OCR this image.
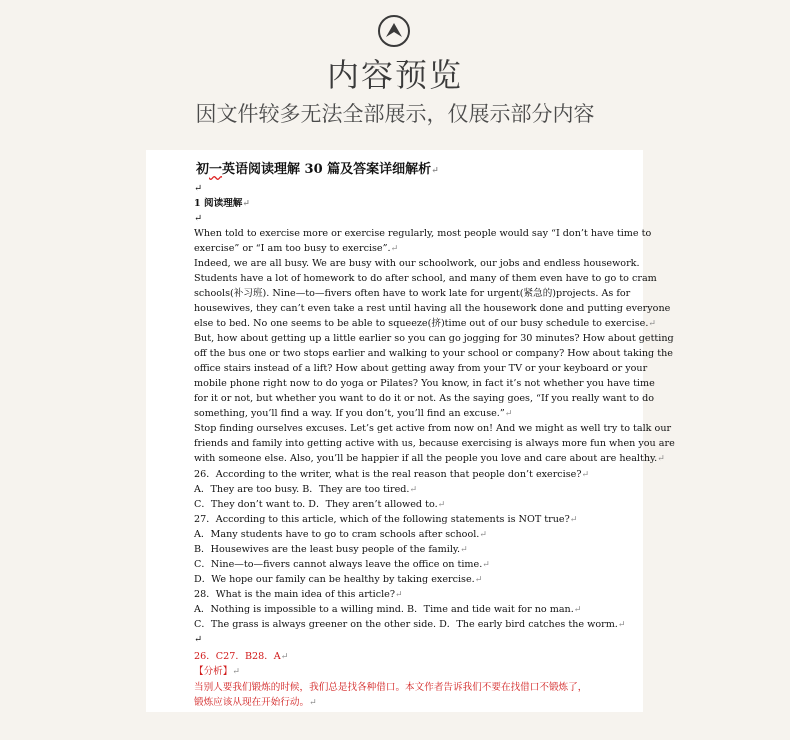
内容预览
因文件较多无法全部展示，仅展示部分内容
初一英语阅读理解 30 篇及答案详细解析↵
↵
1 阅读理解↵
↵
When told to exercise more or exercise regularly, most people would say “I don’t have time to
exercise” or “I am too busy to exercise”.↵
Indeed, we are all busy. We are busy with our schoolwork, our jobs and endless housework.
Students have a lot of homework to do after school, and many of them even have to go to cram
schools(补习班). Nine—to—fivers often have to work late for urgent(紧急的)projects. As for
housewives, they can’t even take a rest until having all the housework done and putting everyone
else to bed. No one seems to be able to squeeze(挤)time out of our busy schedule to exercise.↵
But, how about getting up a little earlier so you can go jogging for 30 minutes? How about getting
off the bus one or two stops earlier and walking to your school or company? How about taking the
office stairs instead of a lift? How about getting away from your TV or your keyboard or your
mobile phone right now to do yoga or Pilates? You know, in fact it’s not whether you have time
for it or not, but whether you want to do it or not. As the saying goes, “If you really want to do
something, you’ll find a way. If you don’t, you’ll find an excuse.”↵
Stop finding ourselves excuses. Let’s get active from now on! And we might as well try to talk our
friends and family into getting active with us, because exercising is always more fun when you are
with someone else. Also, you’ll be happier if all the people you love and care about are healthy.↵
26．According to the writer, what is the real reason that people don’t exercise?↵
A．They are too busy. B．They are too tired.↵
C．They don’t want to. D．They aren’t allowed to.↵
27．According to this article, which of the following statements is NOT true?↵
A．Many students have to go to cram schools after school.↵
B．Housewives are the least busy people of the family.↵
C．Nine—to—fivers cannot always leave the office on time.↵
D．We hope our family can be healthy by taking exercise.↵
28．What is the main idea of this article?↵
A．Nothing is impossible to a willing mind. B．Time and tide wait for no man.↵
C．The grass is always greener on the other side. D．The early bird catches the worm.↵
↵
26．C27．B28．A↵
【分析】↵
当别人要我们锻炼的时候，我们总是找各种借口。本文作者告诉我们不要在找借口不锻炼了，
锻炼应该从现在开始行动。↵
